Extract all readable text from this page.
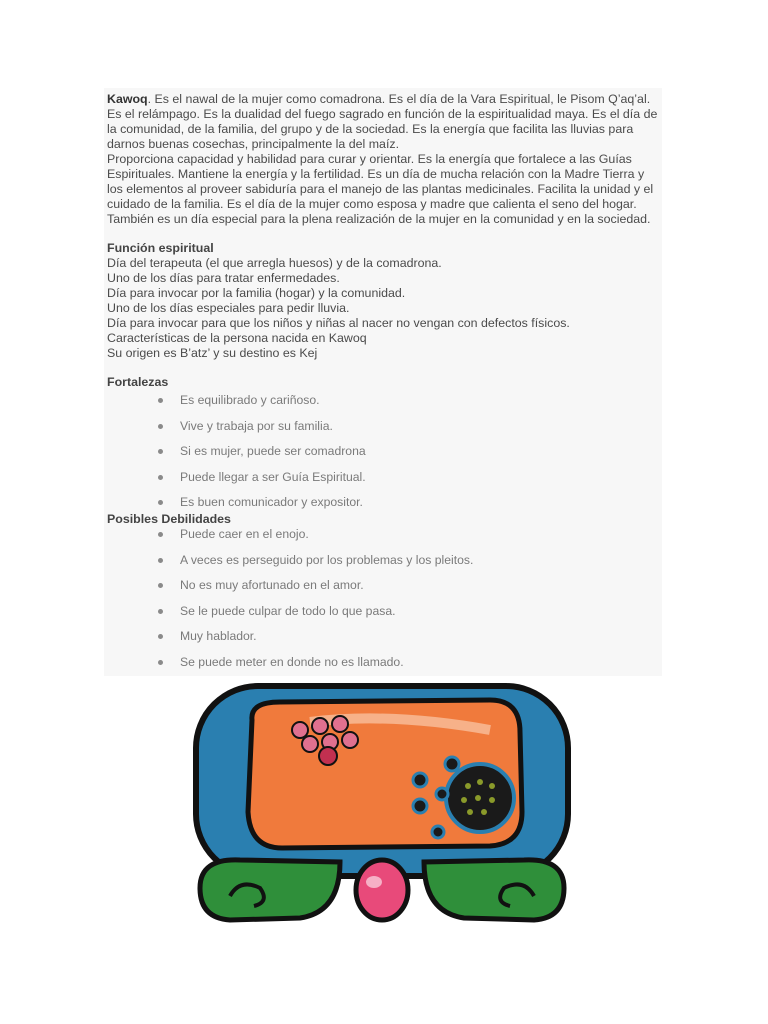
Kawoq. Es el nawal de la mujer como comadrona. Es el día de la Vara Espiritual, le Pisom Q’aq’al. Es el relámpago. Es la dualidad del fuego sagrado en función de la espiritualidad maya. Es el día de la comunidad, de la familia, del grupo y de la sociedad. Es la energía que facilita las lluvias para darnos buenas cosechas, principalmente la del maíz.

Proporciona capacidad y habilidad para curar y orientar. Es la energía que fortalece a las Guías Espirituales. Mantiene la energía y la fertilidad. Es un día de mucha relación con la Madre Tierra y los elementos al proveer sabiduría para el manejo de las plantas medicinales. Facilita la unidad y el cuidado de la familia. Es el día de la mujer como esposa y madre que calienta el seno del hogar. También es un día especial para la plena realización de la mujer en la comunidad y en la sociedad.

Función espiritual

Día del terapeuta (el que arregla huesos) y de la comadrona.

Uno de los días para tratar enfermedades.

Día para invocar por la familia (hogar) y la comunidad.

Uno de los días especiales para pedir lluvia.

Día para invocar para que los niños y niñas al nacer no vengan con defectos físicos.

Características de la persona nacida en Kawoq

Su origen es B’atz’ y su destino es Kej

Fortalezas

Es equilibrado y cariñoso.
Vive y trabaja por su familia.
Si es mujer, puede ser comadrona
Puede llegar a ser Guía Espiritual.
Es buen comunicador y expositor.

Posibles Debilidades

Puede caer en el enojo.
A veces es perseguido por los problemas y los pleitos.
No es muy afortunado en el amor.
Se le puede culpar de todo lo que pasa.
Muy hablador.
Se puede meter en donde no es llamado.
